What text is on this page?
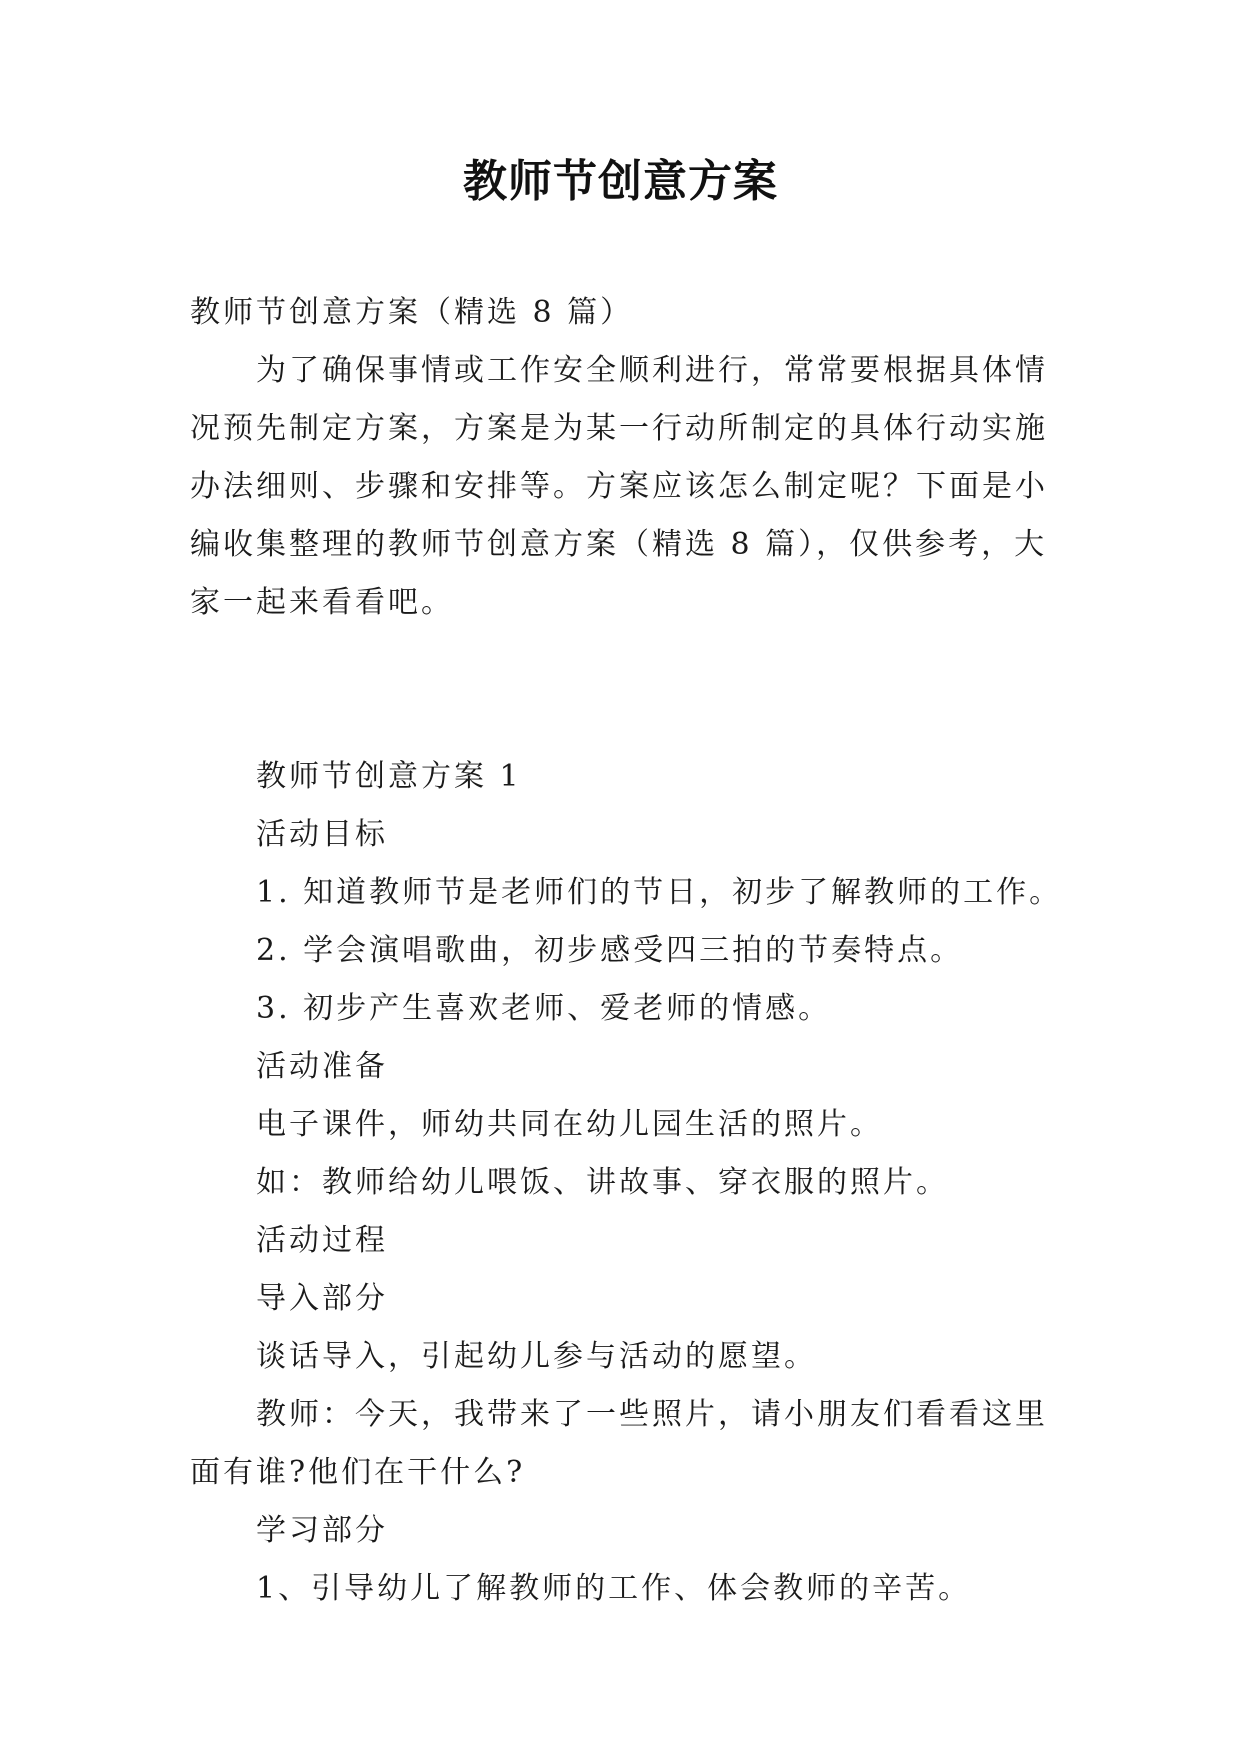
教师节创意方案
教师节创意方案（精选 8 篇）
为了确保事情或工作安全顺利进行，常常要根据具体情
况预先制定方案，方案是为某一行动所制定的具体行动实施
办法细则、步骤和安排等。方案应该怎么制定呢？下面是小
编收集整理的教师节创意方案（精选 8 篇），仅供参考，大
家一起来看看吧。
教师节创意方案 1
活动目标
1. 知道教师节是老师们的节日，初步了解教师的工作。
2. 学会演唱歌曲，初步感受四三拍的节奏特点。
3. 初步产生喜欢老师、爱老师的情感。
活动准备
电子课件，师幼共同在幼儿园生活的照片。
如：教师给幼儿喂饭、讲故事、穿衣服的照片。
活动过程
导入部分
谈话导入，引起幼儿参与活动的愿望。
教师：今天，我带来了一些照片，请小朋友们看看这里
面有谁?他们在干什么?
学习部分
1、引导幼儿了解教师的工作、体会教师的辛苦。
